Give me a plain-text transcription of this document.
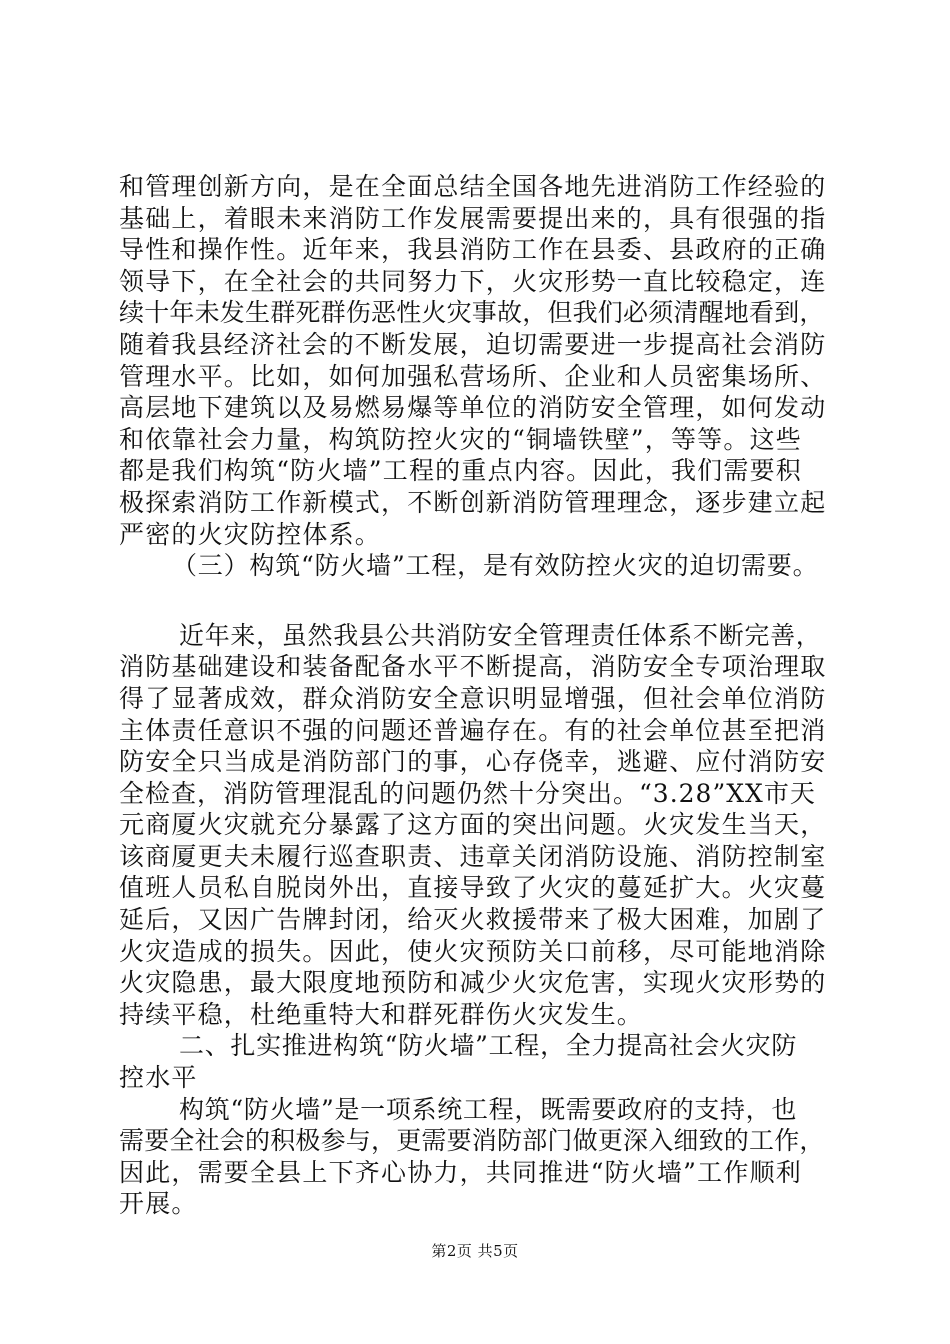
和管理创新方向，是在全面总结全国各地先进消防工作经验的
基础上，着眼未来消防工作发展需要提出来的，具有很强的指
导性和操作性。近年来，我县消防工作在县委、县政府的正确
领导下，在全社会的共同努力下，火灾形势一直比较稳定，连
续十年未发生群死群伤恶性火灾事故，但我们必须清醒地看到，
随着我县经济社会的不断发展，迫切需要进一步提高社会消防
管理水平。比如，如何加强私营场所、企业和人员密集场所、
高层地下建筑以及易燃易爆等单位的消防安全管理，如何发动
和依靠社会力量，构筑防控火灾的“铜墙铁壁”，等等。这些
都是我们构筑“防火墙”工程的重点内容。因此，我们需要积
极探索消防工作新模式，不断创新消防管理理念，逐步建立起
严密的火灾防控体系。
（三）构筑“防火墙”工程，是有效防控火灾的迫切需要。
近年来，虽然我县公共消防安全管理责任体系不断完善，
消防基础建设和装备配备水平不断提高，消防安全专项治理取
得了显著成效，群众消防安全意识明显增强，但社会单位消防
主体责任意识不强的问题还普遍存在。有的社会单位甚至把消
防安全只当成是消防部门的事，心存侥幸，逃避、应付消防安
全检查，消防管理混乱的问题仍然十分突出。“3.28”XX市天
元商厦火灾就充分暴露了这方面的突出问题。火灾发生当天，
该商厦更夫未履行巡查职责、违章关闭消防设施、消防控制室
值班人员私自脱岗外出，直接导致了火灾的蔓延扩大。火灾蔓
延后，又因广告牌封闭，给灭火救援带来了极大困难，加剧了
火灾造成的损失。因此，使火灾预防关口前移，尽可能地消除
火灾隐患，最大限度地预防和减少火灾危害，实现火灾形势的
持续平稳，杜绝重特大和群死群伤火灾发生。
二、扎实推进构筑“防火墙”工程，全力提高社会火灾防
控水平
构筑“防火墙”是一项系统工程，既需要政府的支持，也
需要全社会的积极参与，更需要消防部门做更深入细致的工作，
因此，需要全县上下齐心协力，共同推进“防火墙”工作顺利
开展。
第2页 共5页
